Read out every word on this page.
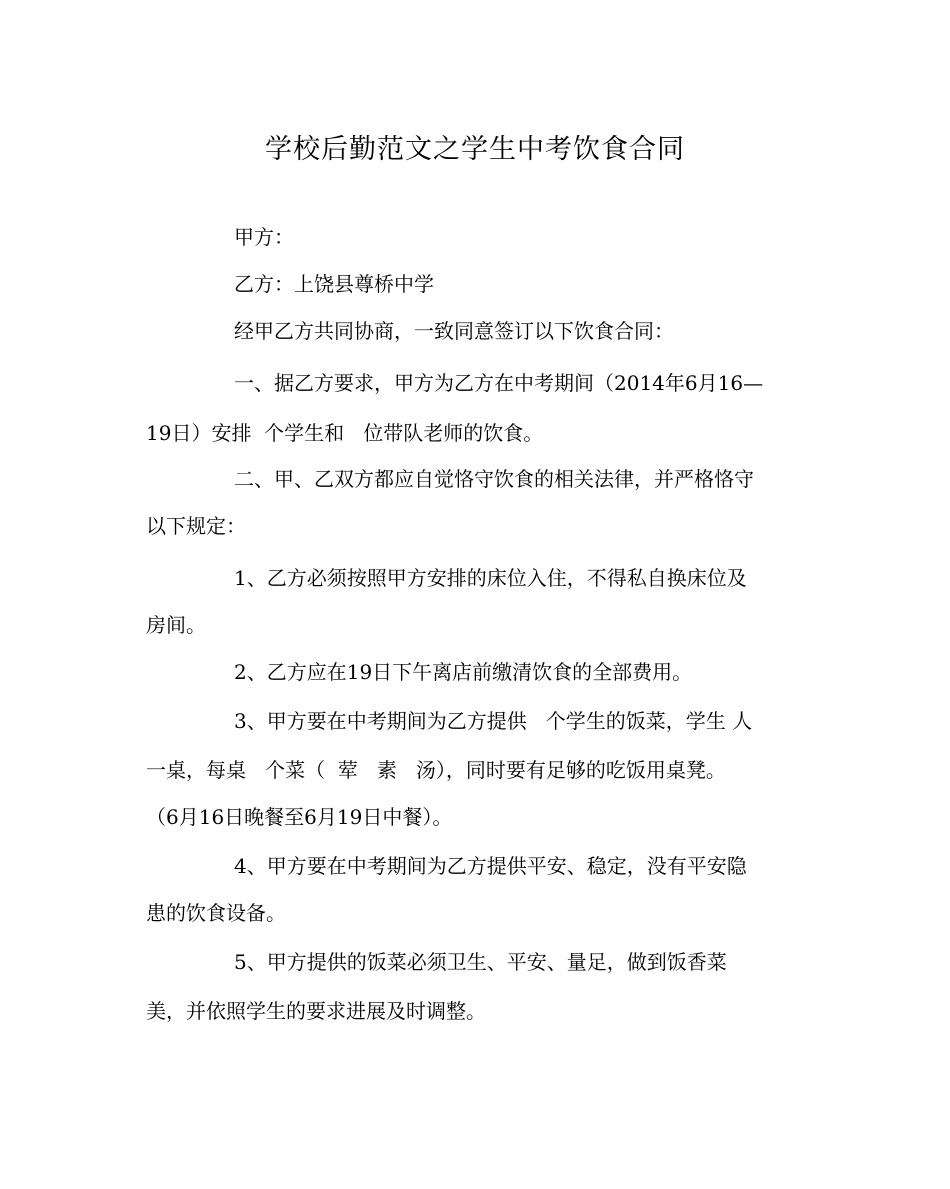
学校后勤范文之学生中考饮食合同
甲方：
乙方：上饶县尊桥中学
经甲乙方共同协商，一致同意签订以下饮食合同：
一、据乙方要求，甲方为乙方在中考期间（2014年6月16—
19日）安排  个学生和   位带队老师的饮食。
二、甲、乙双方都应自觉恪守饮食的相关法律，并严格恪守
以下规定：
1、乙方必须按照甲方安排的床位入住，不得私自换床位及
房间。
2、乙方应在19日下午离店前缴清饮食的全部费用。
3、甲方要在中考期间为乙方提供   个学生的饭菜，学生 人
一桌，每桌   个菜（  荤   素   汤），同时要有足够的吃饭用桌凳。
（6月16日晚餐至6月19日中餐）。
4、甲方要在中考期间为乙方提供平安、稳定，没有平安隐
患的饮食设备。
5、甲方提供的饭菜必须卫生、平安、量足，做到饭香菜
美，并依照学生的要求进展及时调整。
